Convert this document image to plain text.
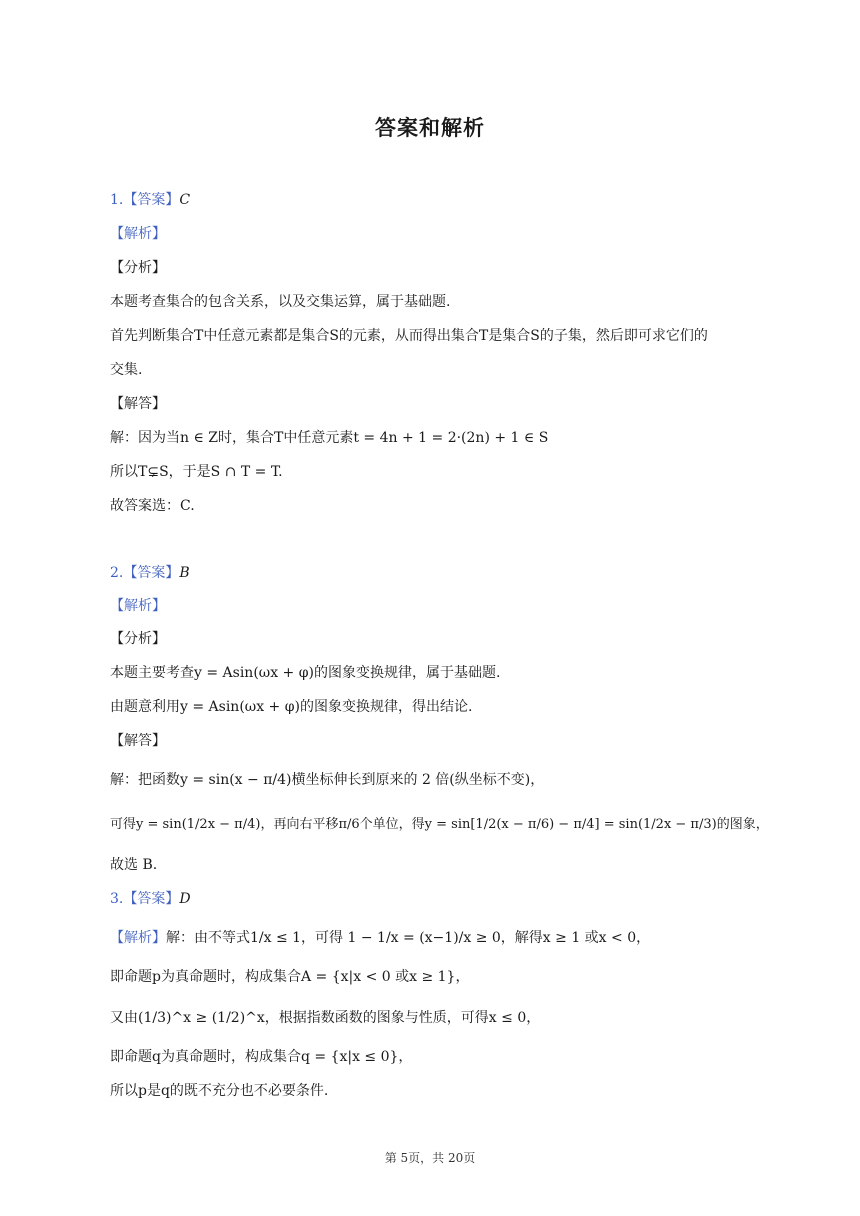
答案和解析
1.【答案】C
【解析】
【分析】
本题考查集合的包含关系，以及交集运算，属于基础题.
首先判断集合T中任意元素都是集合S的元素，从而得出集合T是集合S的子集，然后即可求它们的
交集.
【解答】
解：因为当n ∈ Z时，集合T中任意元素t = 4n + 1 = 2·(2n) + 1 ∈ S
所以T⊊S，于是S ∩ T = T.
故答案选：C.
2.【答案】B
【解析】
【分析】
本题主要考查y = Asin(ωx + φ)的图象变换规律，属于基础题.
由题意利用y = Asin(ωx + φ)的图象变换规律，得出结论.
【解答】
解：把函数y = sin(x − π/4)横坐标伸长到原来的 2 倍(纵坐标不变)，
可得y = sin(1/2x − π/4)，再向右平移π/6个单位，得y = sin[1/2(x − π/6) − π/4] = sin(1/2x − π/3)的图象，
故选 B.
3.【答案】D
【解析】解：由不等式1/x ≤ 1，可得 1 − 1/x = (x−1)/x ≥ 0，解得x ≥ 1 或x < 0，
即命题p为真命题时，构成集合A = {x|x < 0 或x ≥ 1}，
又由(1/3)^x ≥ (1/2)^x，根据指数函数的图象与性质，可得x ≤ 0，
即命题q为真命题时，构成集合q = {x|x ≤ 0}，
所以p是q的既不充分也不必要条件.
第 5页，共 20页
